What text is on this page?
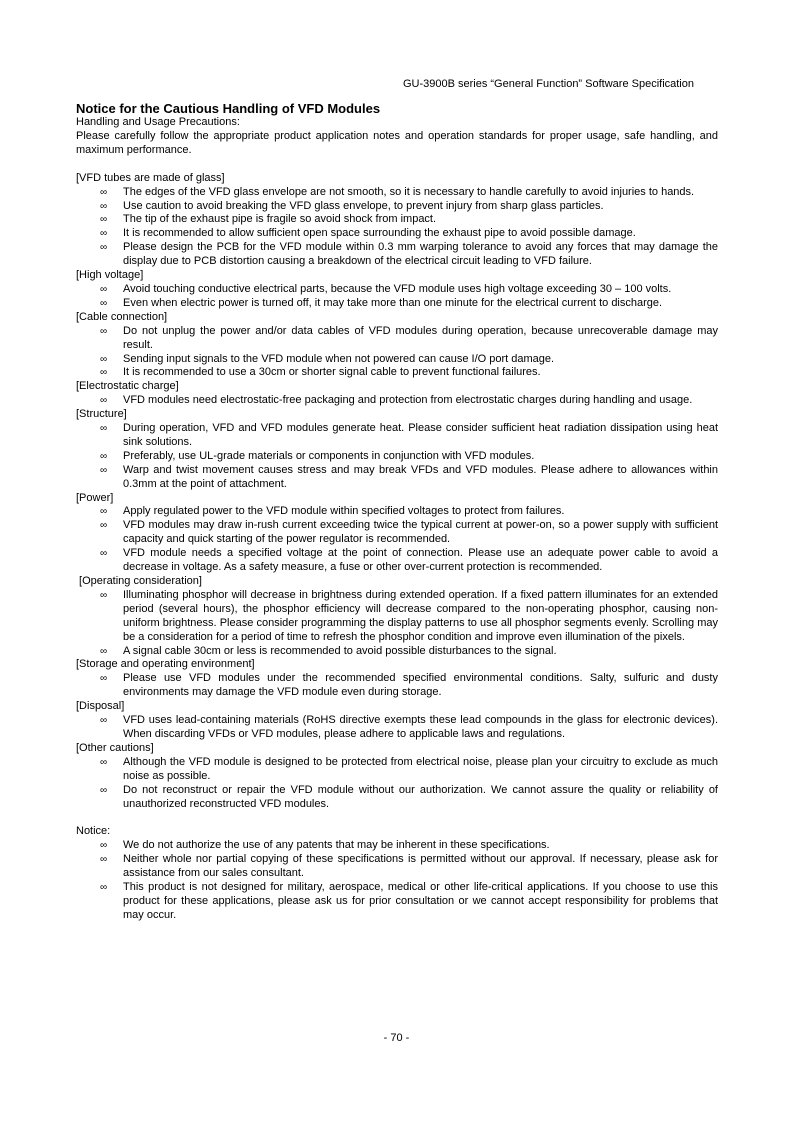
GU-3900B series “General Function” Software Specification
Notice for the Cautious Handling of VFD Modules

Handling and Usage Precautions:

Please carefully follow the appropriate product application notes and operation standards for proper usage, safe handling, and maximum performance.

[VFD tubes are made of glass]

∞ The edges of the VFD glass envelope are not smooth, so it is necessary to handle carefully to avoid injuries to hands.
∞ Use caution to avoid breaking the VFD glass envelope, to prevent injury from sharp glass particles.
∞ The tip of the exhaust pipe is fragile so avoid shock from impact.
∞ It is recommended to allow sufficient open space surrounding the exhaust pipe to avoid possible damage.
∞ Please design the PCB for the VFD module within 0.3 mm warping tolerance to avoid any forces that may damage the display due to PCB distortion causing a breakdown of the electrical circuit leading to VFD failure.

[High voltage]

∞ Avoid touching conductive electrical parts, because the VFD module uses high voltage exceeding 30 – 100 volts.
∞ Even when electric power is turned off, it may take more than one minute for the electrical current to discharge.

[Cable connection]

∞ Do not unplug the power and/or data cables of VFD modules during operation, because unrecoverable damage may result.
∞ Sending input signals to the VFD module when not powered can cause I/O port damage.
∞ It is recommended to use a 30cm or shorter signal cable to prevent functional failures.

[Electrostatic charge]

∞ VFD modules need electrostatic-free packaging and protection from electrostatic charges during handling and usage.

[Structure]

∞ During operation, VFD and VFD modules generate heat. Please consider sufficient heat radiation dissipation using heat sink solutions.
∞ Preferably, use UL-grade materials or components in conjunction with VFD modules.
∞ Warp and twist movement causes stress and may break VFDs and VFD modules. Please adhere to allowances within 0.3mm at the point of attachment.

[Power]

∞ Apply regulated power to the VFD module within specified voltages to protect from failures.
∞ VFD modules may draw in-rush current exceeding twice the typical current at power-on, so a power supply with sufficient capacity and quick starting of the power regulator is recommended.
∞ VFD module needs a specified voltage at the point of connection. Please use an adequate power cable to avoid a decrease in voltage. As a safety measure, a fuse or other over-current protection is recommended.

[Operating consideration]

∞ Illuminating phosphor will decrease in brightness during extended operation. If a fixed pattern illuminates for an extended period (several hours), the phosphor efficiency will decrease compared to the non-operating phosphor, causing non-uniform brightness. Please consider programming the display patterns to use all phosphor segments evenly. Scrolling may be a consideration for a period of time to refresh the phosphor condition and improve even illumination of the pixels.
∞ A signal cable 30cm or less is recommended to avoid possible disturbances to the signal.

[Storage and operating environment]

∞ Please use VFD modules under the recommended specified environmental conditions. Salty, sulfuric and dusty environments may damage the VFD module even during storage.

[Disposal]

∞ VFD uses lead-containing materials (RoHS directive exempts these lead compounds in the glass for electronic devices). When discarding VFDs or VFD modules, please adhere to applicable laws and regulations.

[Other cautions]

∞ Although the VFD module is designed to be protected from electrical noise, please plan your circuitry to exclude as much noise as possible.
∞ Do not reconstruct or repair the VFD module without our authorization. We cannot assure the quality or reliability of unauthorized reconstructed VFD modules.

Notice:

∞ We do not authorize the use of any patents that may be inherent in these specifications.
∞ Neither whole nor partial copying of these specifications is permitted without our approval. If necessary, please ask for assistance from our sales consultant.
∞ This product is not designed for military, aerospace, medical or other life-critical applications. If you choose to use this product for these applications, please ask us for prior consultation or we cannot accept responsibility for problems that may occur.
- 70 -
